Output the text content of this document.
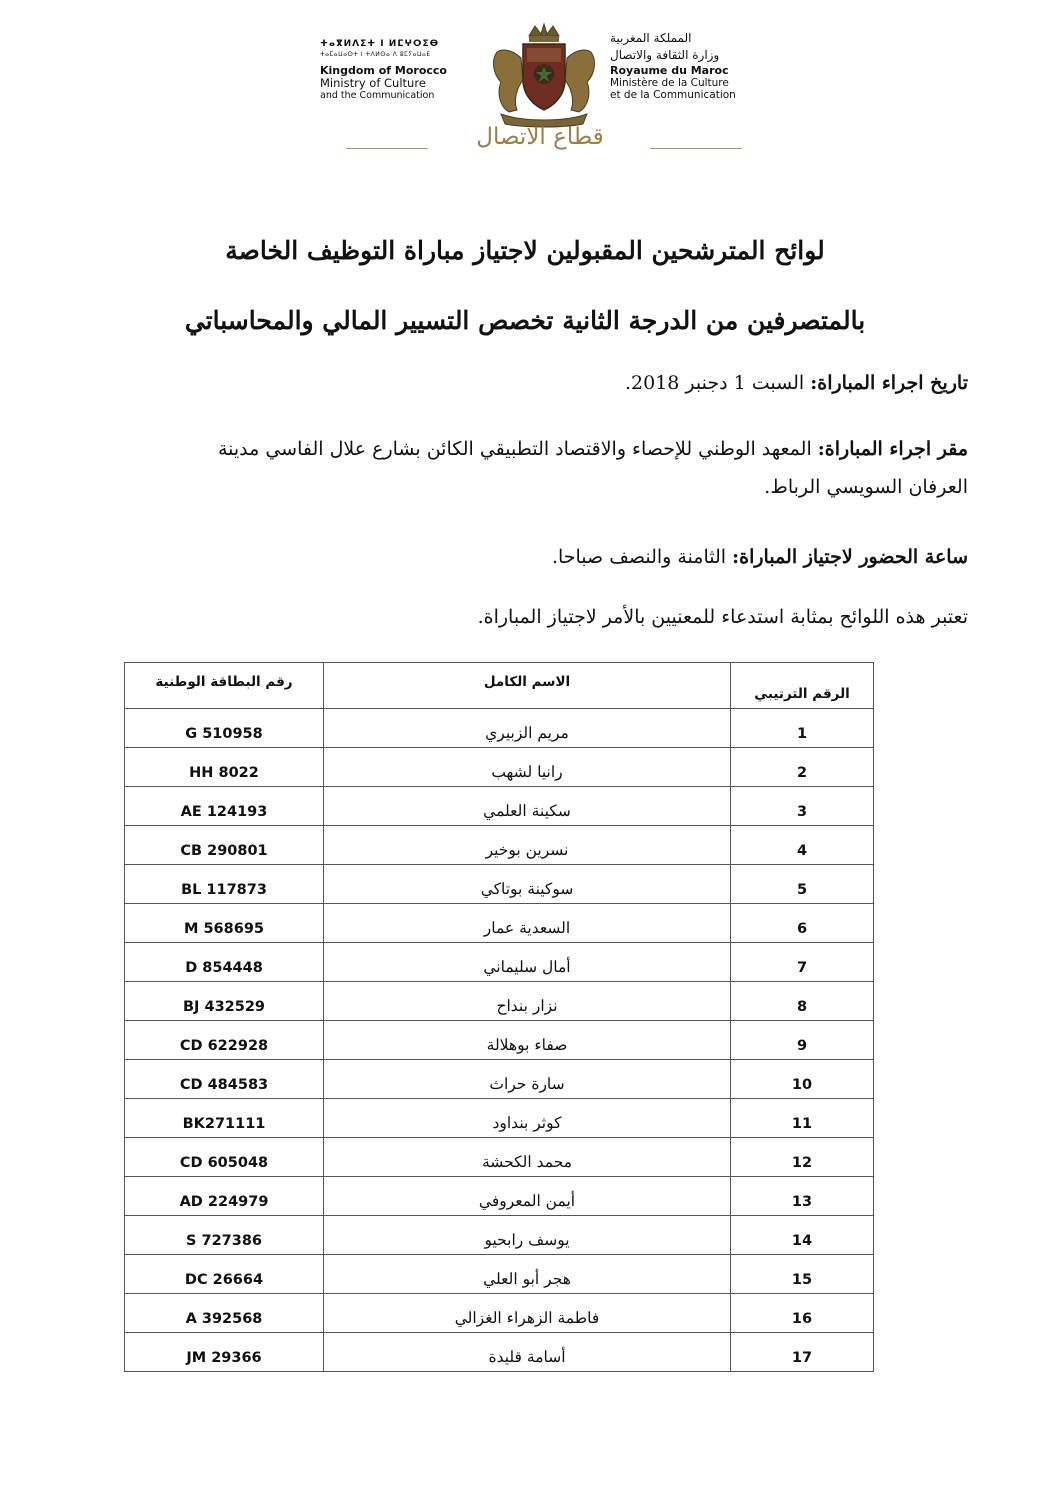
ⵜⴰⴳⵍⴷⵉⵜ ⵏ ⵍⵎⵖⵔⵉⴱ
ⵜⴰⵎⴰⵡⴰⵙⵜ ⵏ ⵜⴷⵍⵙⴰ ⴷ ⵓⵎⵢⴰⵡⴰⴹ
Kingdom of Morocco
Ministry of Culture
and the Communication
المملكة المغربية
وزارة الثقافة والاتصال
Royaume du Maroc
Ministère de la Culture
et de la Communication
قطاع الاتصال
لوائح المترشحين المقبولين لاجتياز مباراة التوظيف الخاصة
بالمتصرفين من الدرجة الثانية تخصص التسيير المالي والمحاسباتي
تاريخ اجراء المباراة: السبت 1 دجنبر 2018.
مقر اجراء المباراة: المعهد الوطني للإحصاء والاقتصاد التطبيقي الكائن بشارع علال الفاسي مدينة
العرفان السويسي الرباط.
ساعة الحضور لاجتياز المباراة: الثامنة والنصف صباحا.
تعتبر هذه اللوائح بمثابة استدعاء للمعنيين بالأمر لاجتياز المباراة.
رقم البطاقة الوطنية	الاسم الكامل	الرقم الترتيبي
G 510958	مريم الزبيري	1
HH 8022	رانيا لشهب	2
AE 124193	سكينة العلمي	3
CB 290801	نسرين بوخير	4
BL 117873	سوكينة بوتاكي	5
M 568695	السعدية عمار	6
D 854448	أمال سليماني	7
BJ 432529	نزار بنداح	8
CD 622928	صفاء بوهلالة	9
CD 484583	سارة حراث	10
BK271111	كوثر بنداود	11
CD 605048	محمد الكحشة	12
AD 224979	أيمن المعروفي	13
S 727386	يوسف رابحيو	14
DC 26664	هجر أبو العلي	15
A 392568	فاطمة الزهراء الغزالي	16
JM 29366	أسامة قليدة	17
